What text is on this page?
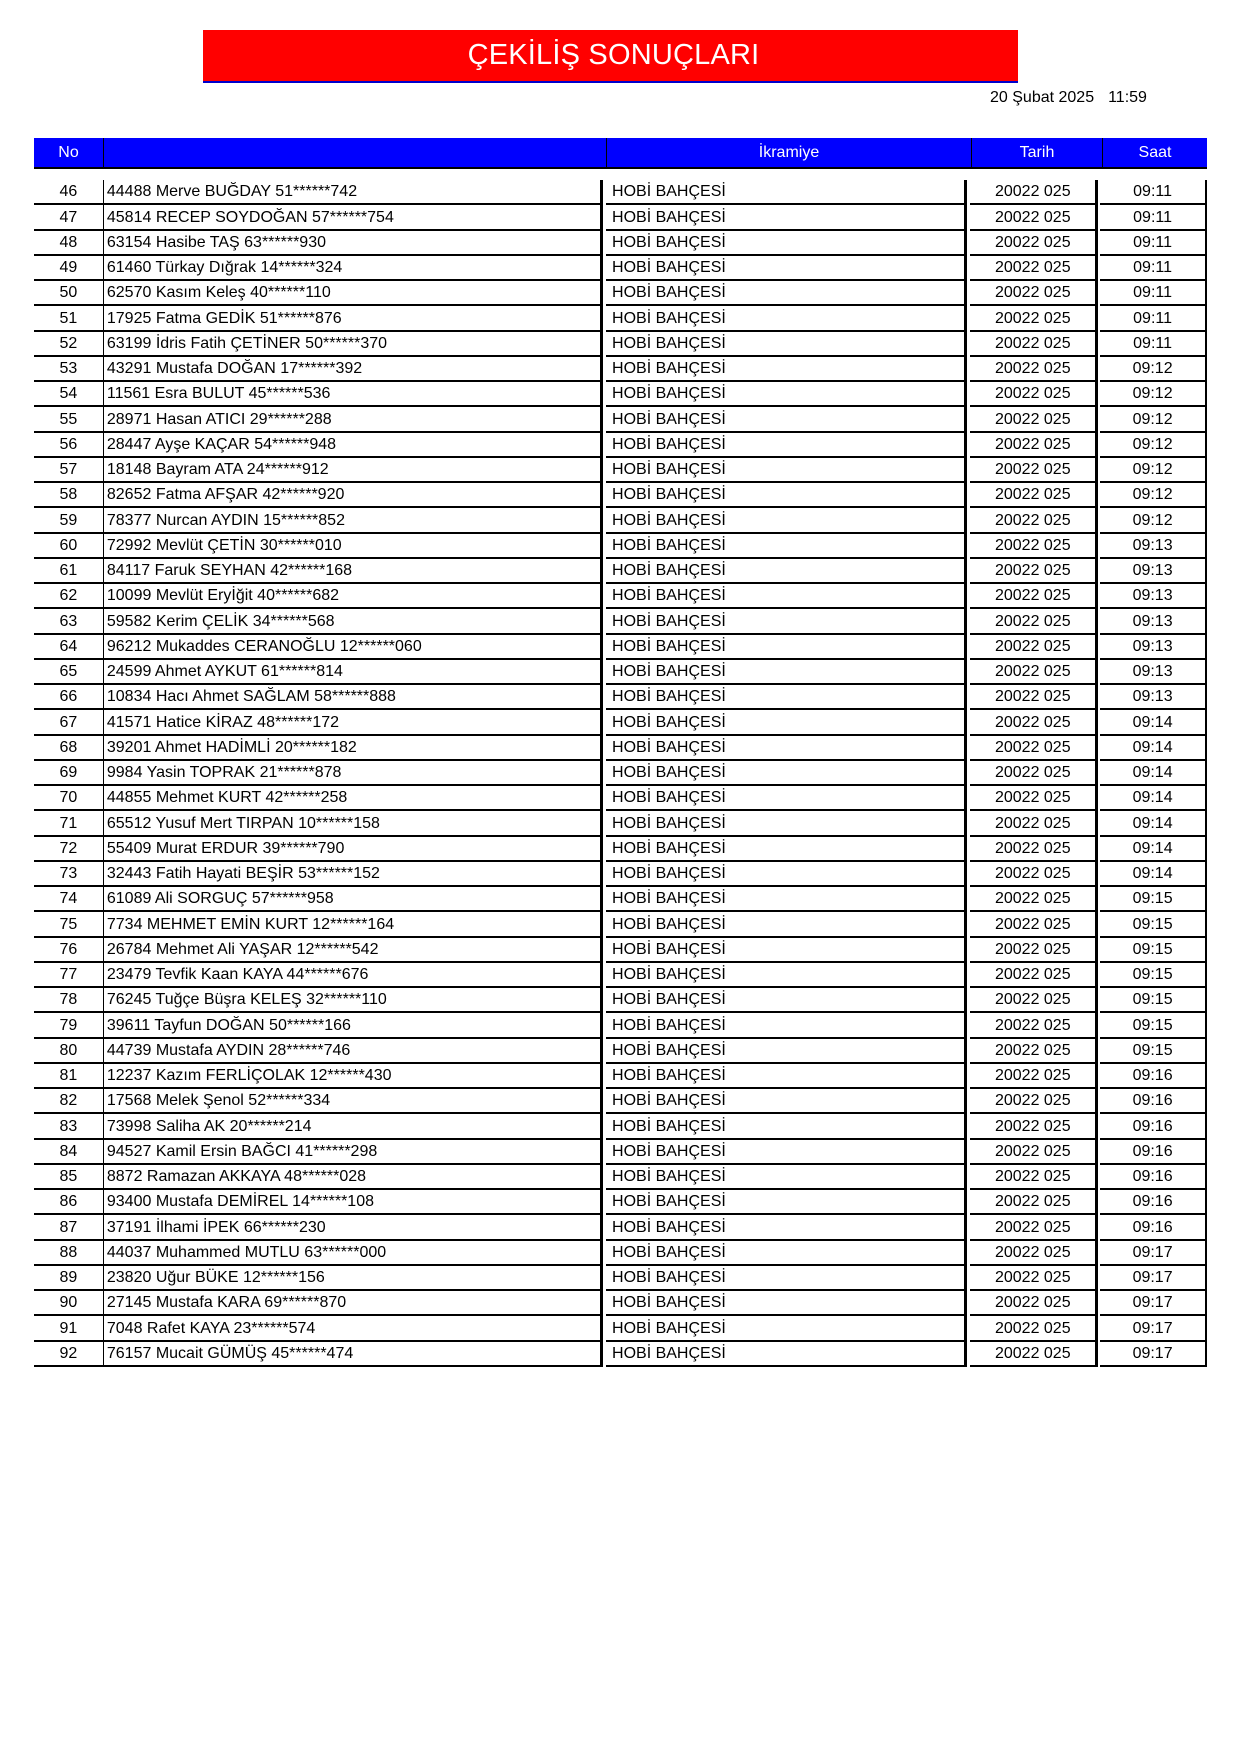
ÇEKİLİŞ SONUÇLARI
20 Şubat 2025 11:59
No	İkramiye	Tarih	Saat
46	44488 Merve BUĞDAY 51******742	HOBİ BAHÇESİ	20022 025	09:11
47	45814 RECEP SOYDOĞAN 57******754	HOBİ BAHÇESİ	20022 025	09:11
48	63154 Hasibe TAŞ 63******930	HOBİ BAHÇESİ	20022 025	09:11
49	61460 Türkay Dığrak 14******324	HOBİ BAHÇESİ	20022 025	09:11
50	62570 Kasım Keleş 40******110	HOBİ BAHÇESİ	20022 025	09:11
51	17925 Fatma GEDİK 51******876	HOBİ BAHÇESİ	20022 025	09:11
52	63199 İdris Fatih ÇETİNER 50******370	HOBİ BAHÇESİ	20022 025	09:11
53	43291 Mustafa DOĞAN 17******392	HOBİ BAHÇESİ	20022 025	09:12
54	11561 Esra BULUT 45******536	HOBİ BAHÇESİ	20022 025	09:12
55	28971 Hasan ATICI 29******288	HOBİ BAHÇESİ	20022 025	09:12
56	28447 Ayşe KAÇAR 54******948	HOBİ BAHÇESİ	20022 025	09:12
57	18148 Bayram ATA 24******912	HOBİ BAHÇESİ	20022 025	09:12
58	82652 Fatma AFŞAR 42******920	HOBİ BAHÇESİ	20022 025	09:12
59	78377 Nurcan AYDIN 15******852	HOBİ BAHÇESİ	20022 025	09:12
60	72992 Mevlüt ÇETİN 30******010	HOBİ BAHÇESİ	20022 025	09:13
61	84117 Faruk SEYHAN 42******168	HOBİ BAHÇESİ	20022 025	09:13
62	10099 Mevlüt Eryİğit 40******682	HOBİ BAHÇESİ	20022 025	09:13
63	59582 Kerim ÇELİK 34******568	HOBİ BAHÇESİ	20022 025	09:13
64	96212 Mukaddes CERANOĞLU 12******060	HOBİ BAHÇESİ	20022 025	09:13
65	24599 Ahmet AYKUT 61******814	HOBİ BAHÇESİ	20022 025	09:13
66	10834 Hacı Ahmet SAĞLAM 58******888	HOBİ BAHÇESİ	20022 025	09:13
67	41571 Hatice KİRAZ 48******172	HOBİ BAHÇESİ	20022 025	09:14
68	39201 Ahmet HADİMLİ 20******182	HOBİ BAHÇESİ	20022 025	09:14
69	9984 Yasin TOPRAK 21******878	HOBİ BAHÇESİ	20022 025	09:14
70	44855 Mehmet KURT 42******258	HOBİ BAHÇESİ	20022 025	09:14
71	65512 Yusuf Mert TIRPAN 10******158	HOBİ BAHÇESİ	20022 025	09:14
72	55409 Murat ERDUR 39******790	HOBİ BAHÇESİ	20022 025	09:14
73	32443 Fatih Hayati BEŞİR 53******152	HOBİ BAHÇESİ	20022 025	09:14
74	61089 Ali SORGUÇ 57******958	HOBİ BAHÇESİ	20022 025	09:15
75	7734 MEHMET EMİN KURT 12******164	HOBİ BAHÇESİ	20022 025	09:15
76	26784 Mehmet Ali YAŞAR 12******542	HOBİ BAHÇESİ	20022 025	09:15
77	23479 Tevfik Kaan KAYA 44******676	HOBİ BAHÇESİ	20022 025	09:15
78	76245 Tuğçe Büşra KELEŞ 32******110	HOBİ BAHÇESİ	20022 025	09:15
79	39611 Tayfun DOĞAN 50******166	HOBİ BAHÇESİ	20022 025	09:15
80	44739 Mustafa AYDIN 28******746	HOBİ BAHÇESİ	20022 025	09:15
81	12237 Kazım FERLİÇOLAK 12******430	HOBİ BAHÇESİ	20022 025	09:16
82	17568 Melek Şenol 52******334	HOBİ BAHÇESİ	20022 025	09:16
83	73998 Saliha AK 20******214	HOBİ BAHÇESİ	20022 025	09:16
84	94527 Kamil Ersin BAĞCI 41******298	HOBİ BAHÇESİ	20022 025	09:16
85	8872 Ramazan AKKAYA 48******028	HOBİ BAHÇESİ	20022 025	09:16
86	93400 Mustafa DEMİREL 14******108	HOBİ BAHÇESİ	20022 025	09:16
87	37191 İlhami İPEK 66******230	HOBİ BAHÇESİ	20022 025	09:16
88	44037 Muhammed MUTLU 63******000	HOBİ BAHÇESİ	20022 025	09:17
89	23820 Uğur BÜKE 12******156	HOBİ BAHÇESİ	20022 025	09:17
90	27145 Mustafa KARA 69******870	HOBİ BAHÇESİ	20022 025	09:17
91	7048 Rafet KAYA 23******574	HOBİ BAHÇESİ	20022 025	09:17
92	76157 Mucait GÜMÜŞ 45******474	HOBİ BAHÇESİ	20022 025	09:17
